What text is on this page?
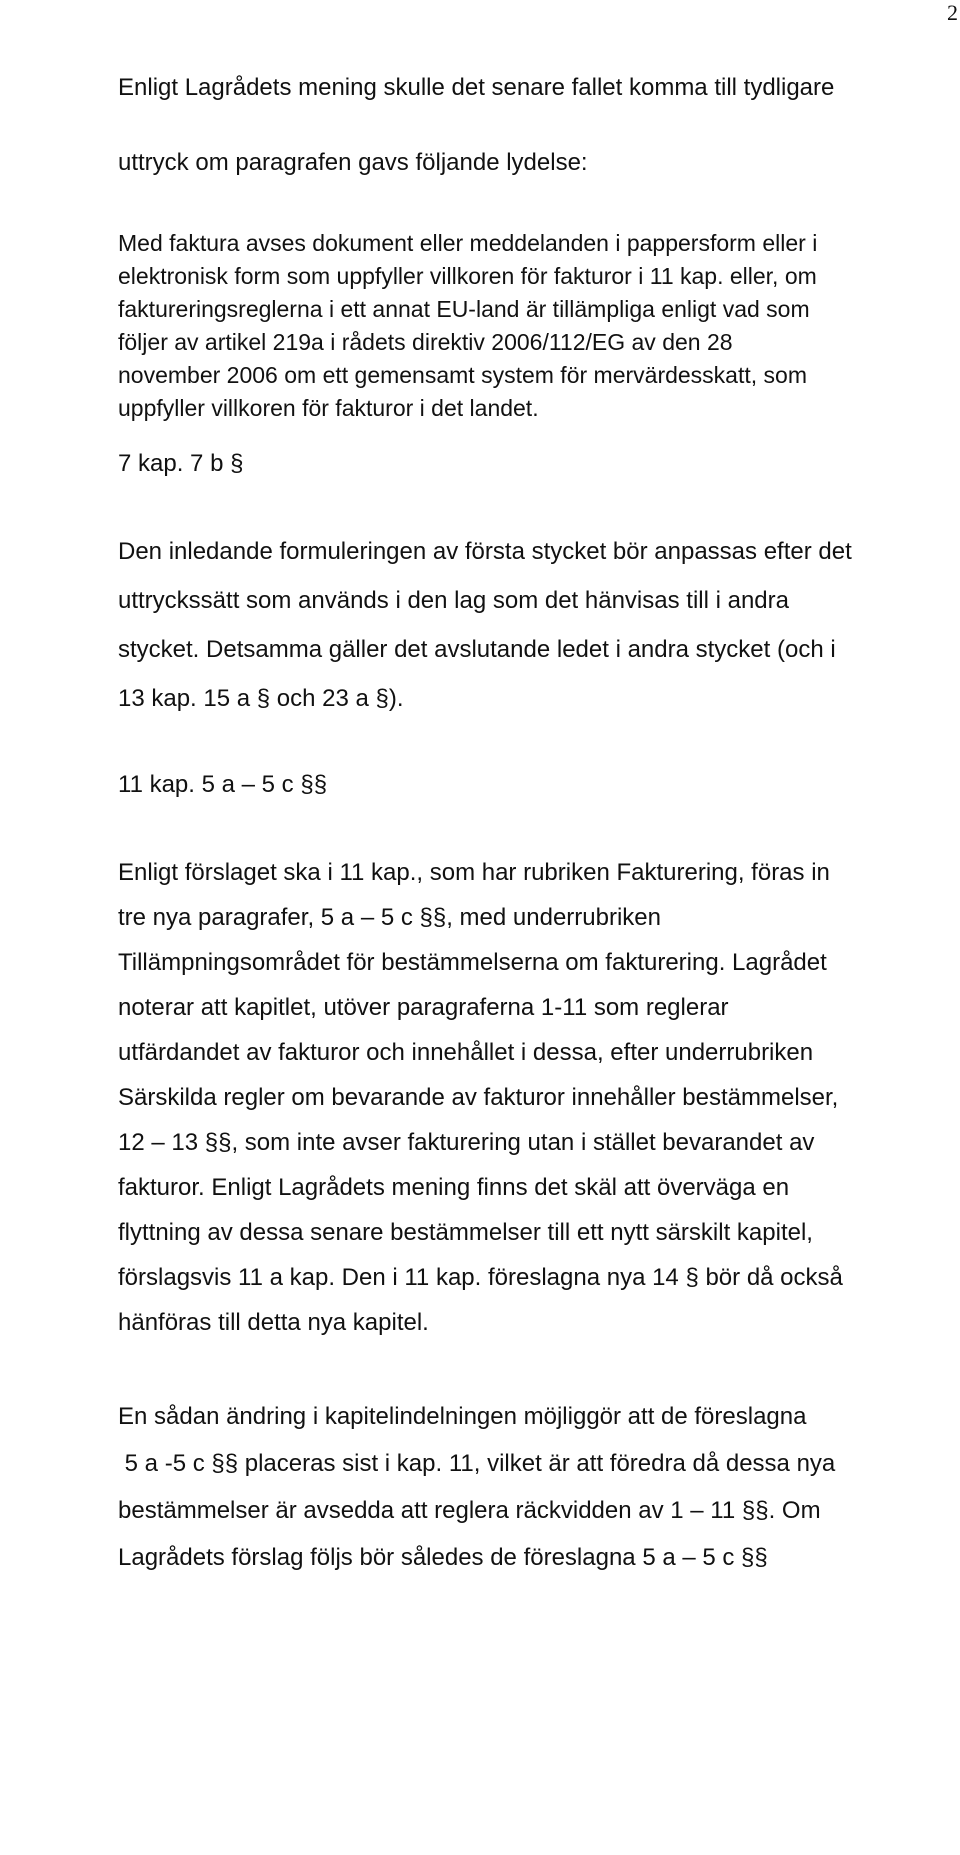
2
Enligt Lagrådets mening skulle det senare fallet komma till tydligare
uttryck om paragrafen gavs följande lydelse:
Med faktura avses dokument eller meddelanden i pappersform eller i
elektronisk form som uppfyller villkoren för fakturor i 11 kap. eller, om
faktureringsreglerna i ett annat EU-land är tillämpliga enligt vad som
följer av artikel 219a i rådets direktiv 2006/112/EG av den 28
november 2006 om ett gemensamt system för mervärdesskatt, som
uppfyller villkoren för fakturor i det landet.
7 kap. 7 b §
Den inledande formuleringen av första stycket bör anpassas efter det
uttryckssätt som används i den lag som det hänvisas till i andra
stycket. Detsamma gäller det avslutande ledet i andra stycket (och i
13 kap. 15 a § och 23 a §).
11 kap. 5 a – 5 c §§
Enligt förslaget ska i 11 kap., som har rubriken Fakturering, föras in
tre nya paragrafer, 5 a – 5 c §§, med underrubriken
Tillämpningsområdet för bestämmelserna om fakturering. Lagrådet
noterar att kapitlet, utöver paragraferna 1-11 som reglerar
utfärdandet av fakturor och innehållet i dessa, efter underrubriken
Särskilda regler om bevarande av fakturor innehåller bestämmelser,
12 – 13 §§, som inte avser fakturering utan i stället bevarandet av
fakturor. Enligt Lagrådets mening finns det skäl att överväga en
flyttning av dessa senare bestämmelser till ett nytt särskilt kapitel,
förslagsvis 11 a kap. Den i 11 kap. föreslagna nya 14 § bör då också
hänföras till detta nya kapitel.
En sådan ändring i kapitelindelningen möjliggör att de föreslagna
5 a -5 c §§ placeras sist i kap. 11, vilket är att föredra då dessa nya
bestämmelser är avsedda att reglera räckvidden av 1 – 11 §§. Om
Lagrådets förslag följs bör således de föreslagna 5 a – 5 c §§
